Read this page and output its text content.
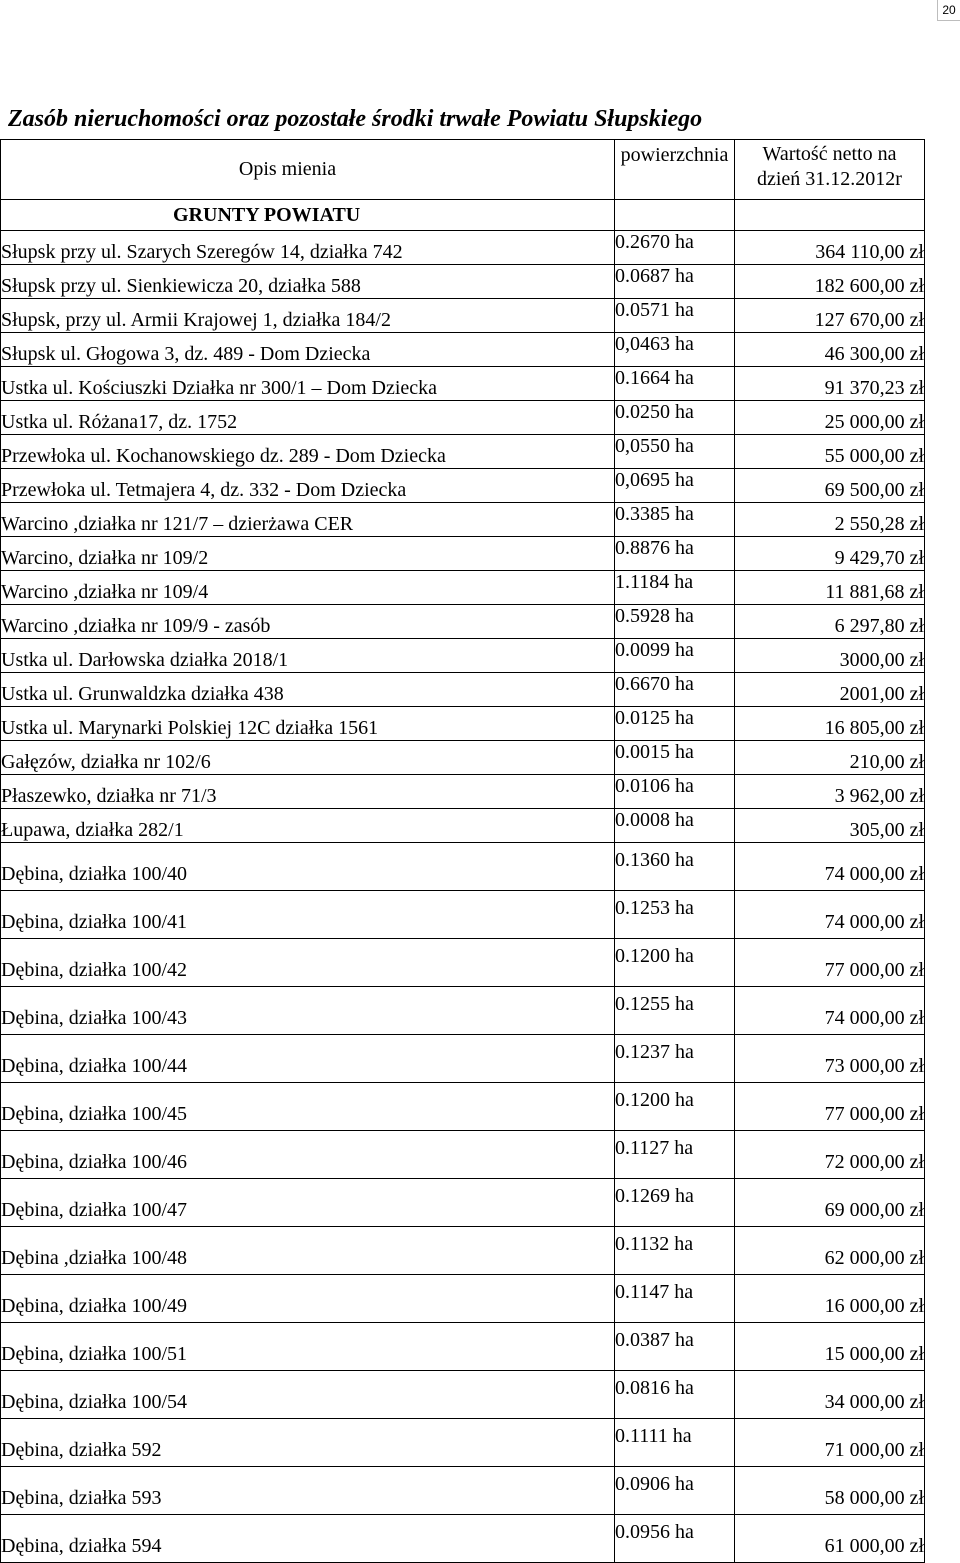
20
Zasób nieruchomości oraz pozostałe środki trwałe Powiatu Słupskiego
Opis mienia	powierzchnia	Wartość netto na
dzień 31.12.2012r

GRUNTY POWIATU		
Słupsk przy ul. Szarych Szeregów 14, działka 742	0.2670 ha	364 110,00 zł
Słupsk przy ul. Sienkiewicza 20, działka 588	0.0687 ha	182 600,00 zł
Słupsk, przy ul. Armii Krajowej 1, działka 184/2	0.0571 ha	127 670,00 zł
Słupsk ul. Głogowa 3, dz. 489 - Dom Dziecka	0,0463 ha	46 300,00 zł
Ustka ul. Kościuszki Działka nr 300/1 – Dom Dziecka	0.1664 ha	91 370,23 zł
Ustka ul. Różana17, dz. 1752	0.0250 ha	25 000,00 zł
Przewłoka ul. Kochanowskiego dz. 289 - Dom Dziecka	0,0550 ha	55 000,00 zł
Przewłoka ul. Tetmajera 4, dz. 332 - Dom Dziecka	0,0695 ha	69 500,00 zł
Warcino ,działka nr 121/7 – dzierżawa CER	0.3385 ha	2 550,28 zł
Warcino, działka nr 109/2	0.8876 ha	9 429,70 zł
Warcino ,działka nr 109/4	1.1184 ha	11 881,68 zł
Warcino ,działka nr 109/9 - zasób	0.5928 ha	6 297,80 zł
Ustka ul. Darłowska działka 2018/1	0.0099 ha	3000,00 zł
Ustka ul. Grunwaldzka działka 438	0.6670 ha	2001,00 zł
Ustka ul. Marynarki Polskiej 12C działka 1561	0.0125 ha	16 805,00 zł
Gałęzów, działka nr 102/6	0.0015 ha	210,00 zł
Płaszewko, działka nr 71/3	0.0106 ha	3 962,00 zł
Łupawa, działka 282/1	0.0008 ha	305,00 zł
Dębina, działka 100/40	0.1360 ha	74 000,00 zł
Dębina, działka 100/41	0.1253 ha	74 000,00 zł
Dębina, działka 100/42	0.1200 ha	77 000,00 zł
Dębina, działka 100/43	0.1255 ha	74 000,00 zł
Dębina, działka 100/44	0.1237 ha	73 000,00 zł
Dębina, działka 100/45	0.1200 ha	77 000,00 zł
Dębina, działka 100/46	0.1127 ha	72 000,00 zł
Dębina, działka 100/47	0.1269 ha	69 000,00 zł
Dębina ,działka 100/48	0.1132 ha	62 000,00 zł
Dębina, działka 100/49	0.1147 ha	16 000,00 zł
Dębina, działka 100/51	0.0387 ha	15 000,00 zł
Dębina, działka 100/54	0.0816 ha	34 000,00 zł
Dębina, działka 592	0.1111 ha	71 000,00 zł
Dębina, działka 593	0.0906 ha	58 000,00 zł
Dębina, działka 594	0.0956 ha	61 000,00 zł
